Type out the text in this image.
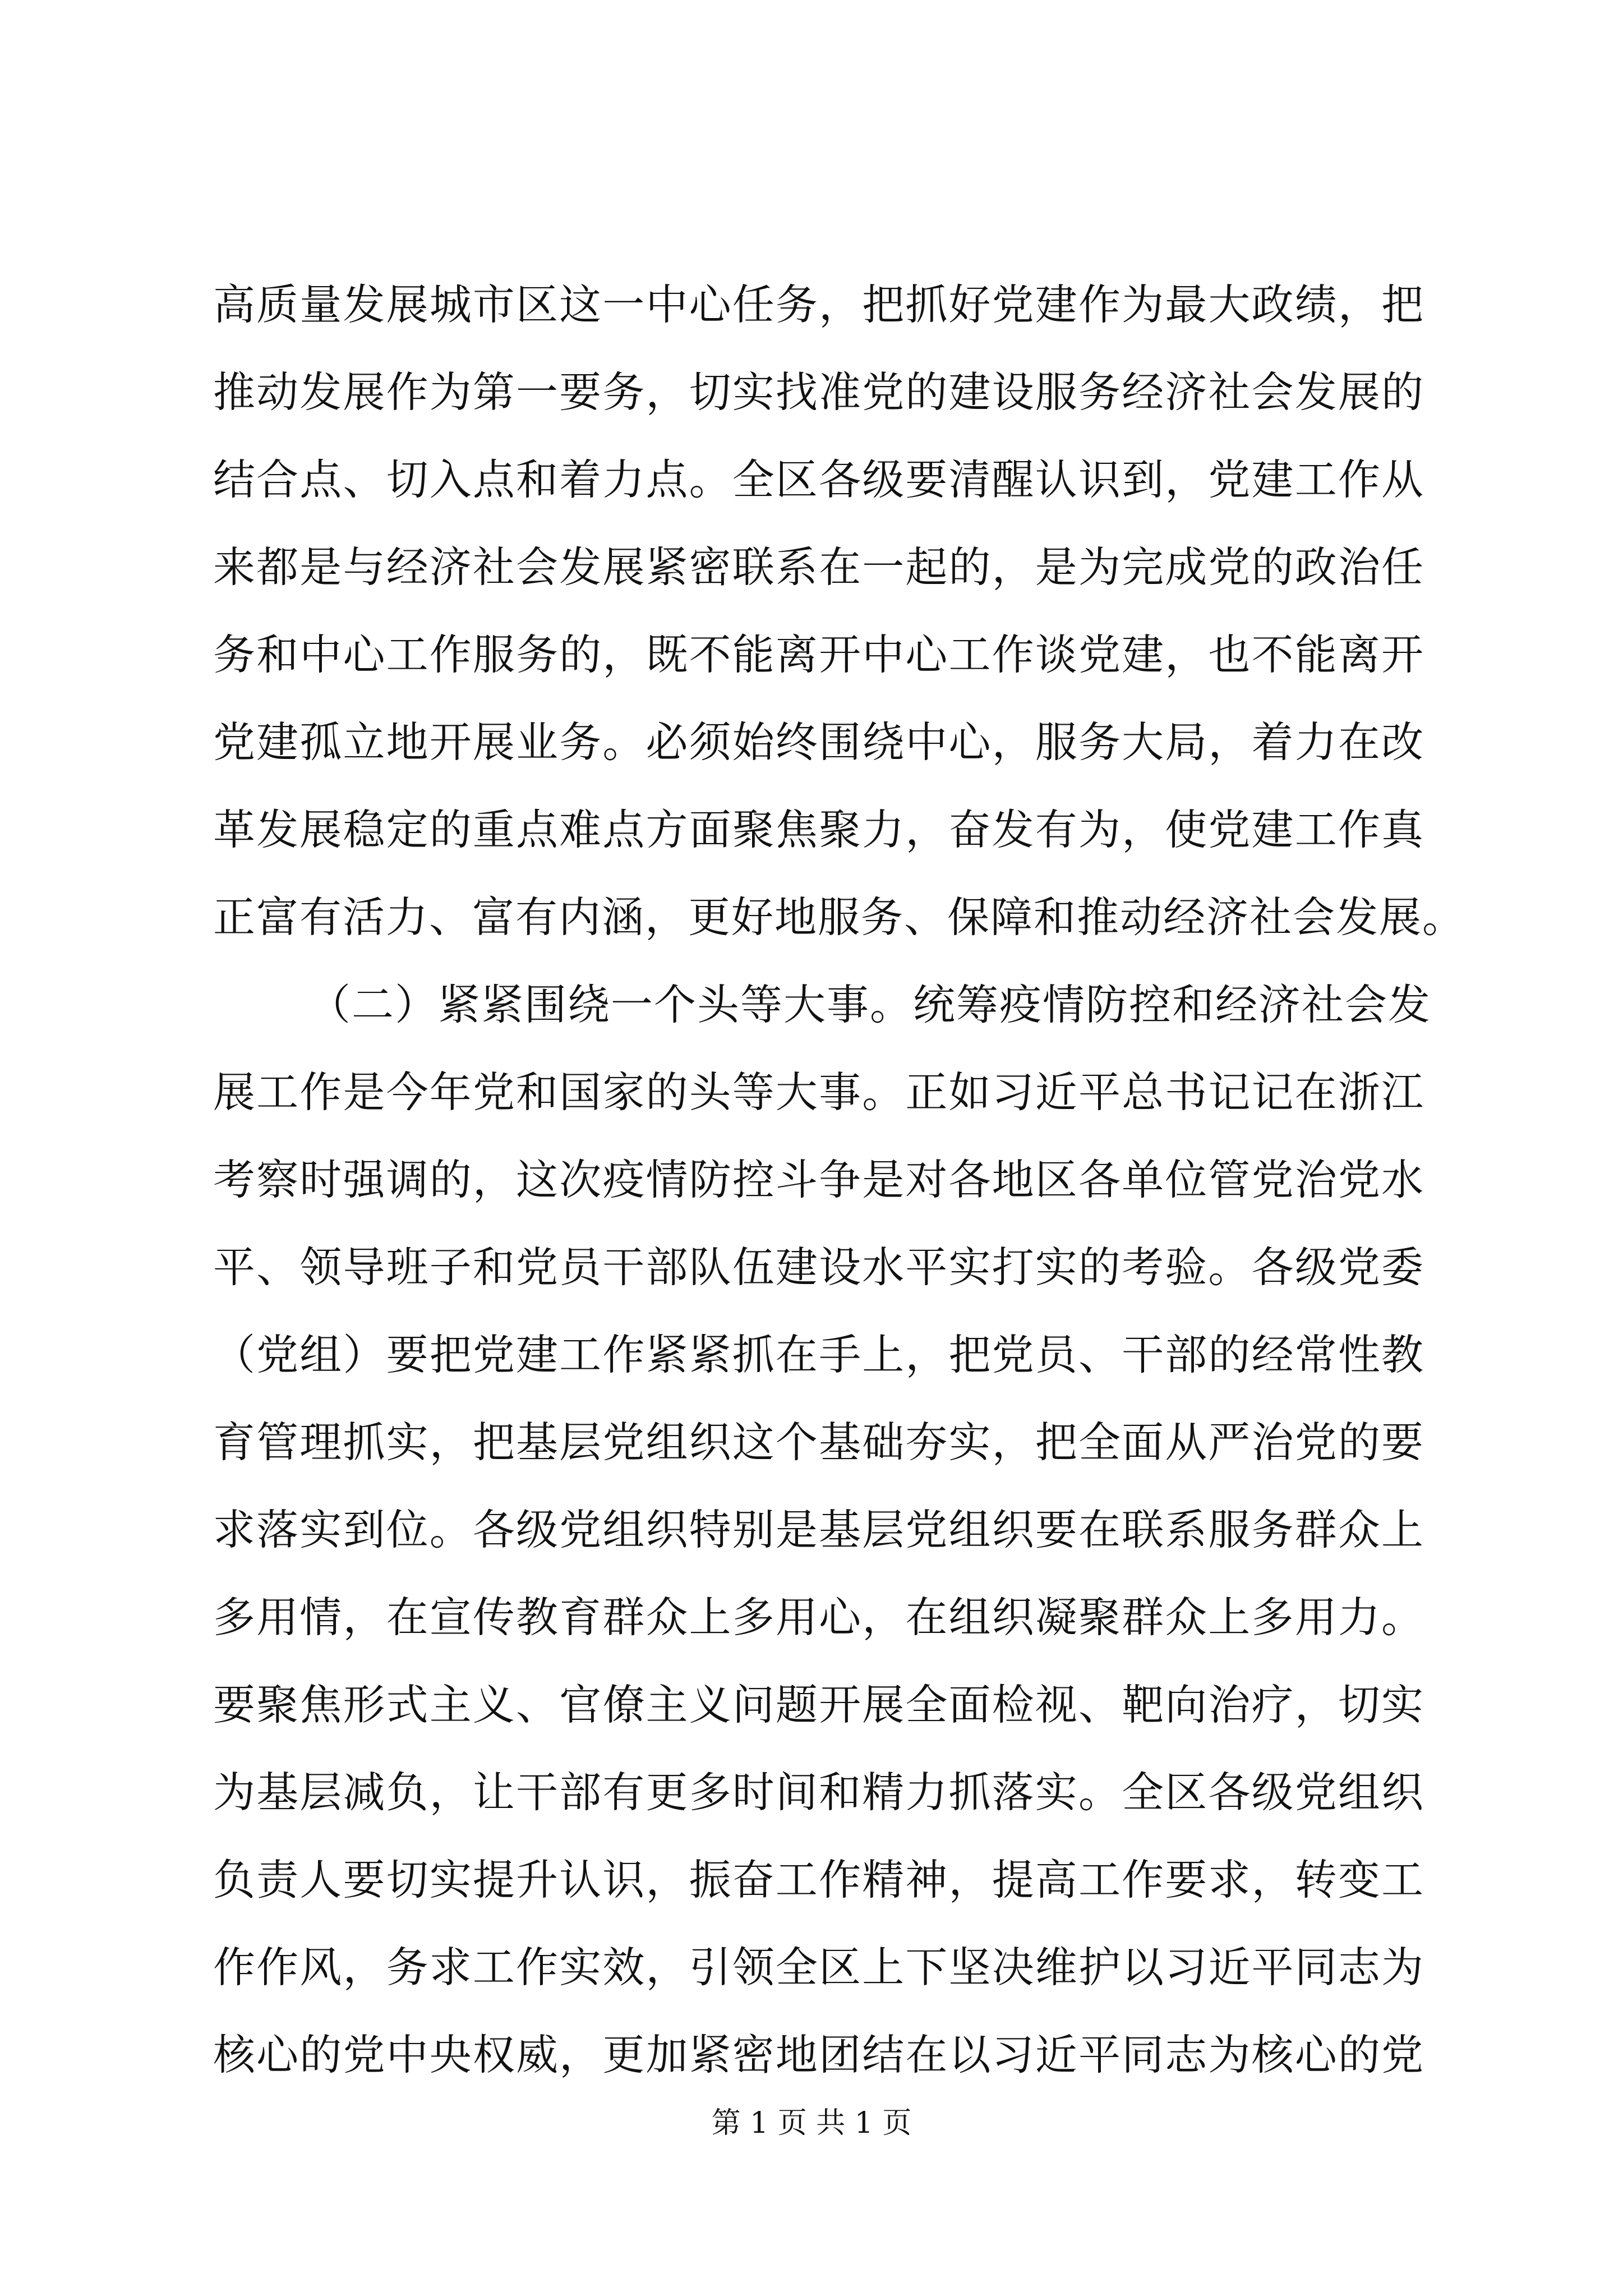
高质量发展城市区这一中心任务，把抓好党建作为最大政绩，把
推动发展作为第一要务，切实找准党的建设服务经济社会发展的
结合点、切入点和着力点。全区各级要清醒认识到，党建工作从
来都是与经济社会发展紧密联系在一起的，是为完成党的政治任
务和中心工作服务的，既不能离开中心工作谈党建，也不能离开
党建孤立地开展业务。必须始终围绕中心，服务大局，着力在改
革发展稳定的重点难点方面聚焦聚力，奋发有为，使党建工作真
正富有活力、富有内涵，更好地服务、保障和推动经济社会发展。
（二）紧紧围绕一个头等大事。统筹疫情防控和经济社会发
展工作是今年党和国家的头等大事。正如习近平总书记记在浙江
考察时强调的，这次疫情防控斗争是对各地区各单位管党治党水
平、领导班子和党员干部队伍建设水平实打实的考验。各级党委
（党组）要把党建工作紧紧抓在手上，把党员、干部的经常性教
育管理抓实，把基层党组织这个基础夯实，把全面从严治党的要
求落实到位。各级党组织特别是基层党组织要在联系服务群众上
多用情，在宣传教育群众上多用心，在组织凝聚群众上多用力。
要聚焦形式主义、官僚主义问题开展全面检视、靶向治疗，切实
为基层减负，让干部有更多时间和精力抓落实。全区各级党组织
负责人要切实提升认识，振奋工作精神，提高工作要求，转变工
作作风，务求工作实效，引领全区上下坚决维护以习近平同志为
核心的党中央权威，更加紧密地团结在以习近平同志为核心的党
第 1 页 共 1 页
